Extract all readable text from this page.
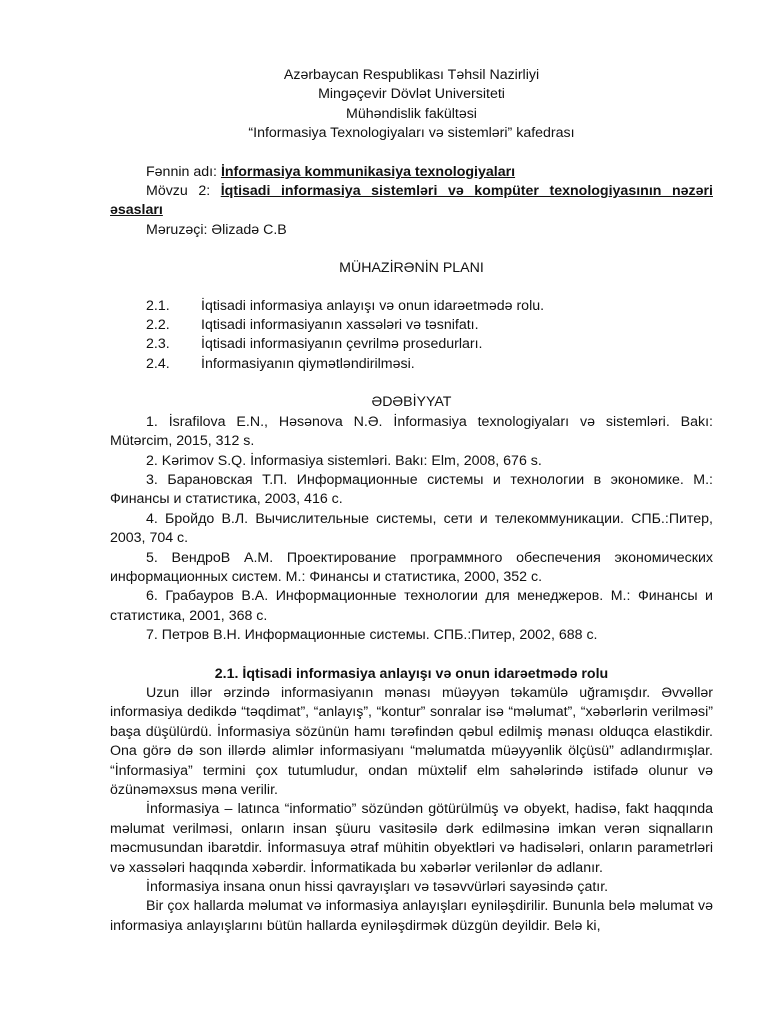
Azərbaycan Respublikası Təhsil Nazirliyi

Mingəçevir Dövlət Universiteti

Mühəndislik fakültəsi

“Informasiya Texnologiyaları və sistemləri” kafedrası

Fənnin adı: İnformasiya kommunikasiya texnologiyaları

Mövzu 2: İqtisadi informasiya sistemləri və kompüter texnologiyasının nəzəri əsasları

Məruzəçi: Əlizadə C.B

MÜHAZİRƏNİN PLANI

2.1.	İqtisadi informasiya anlayışı və onun idarəetmədə rolu.
2.2.	Iqtisadi informasiyanın xassələri və təsnifatı.
2.3.	İqtisadi informasiyanın çevrilmə prosedurları.
2.4.	İnformasiyanın qiymətləndirilməsi.

ƏDƏBİYYAT

1. İsrafilova E.N., Həsənova N.Ə. İnformasiya texnologiyaları və sistemləri. Bakı: Mütərcim, 2015, 312 s.

2. Kərimov S.Q. İnformasiya sistemləri. Bakı: Elm, 2008, 676 s.

3. Барановская Т.П. Информационные системы и технологии в экономике. М.: Финансы и статистика, 2003, 416 с.

4. Бройдо В.Л. Вычислительные системы, сети и телекоммуникации. СПБ.:Питер, 2003, 704 с.

5. ВендроВ А.М. Проектирование программного обеспечения экономических информационных систем. М.: Финансы и статистика, 2000, 352 с.

6. Грабауров В.А. Информационные технологии для менеджеров. М.: Финансы и статистика, 2001, 368 с.

7. Петров В.Н. Информационные системы. СПБ.:Питер, 2002, 688 с.

2.1. İqtisadi informasiya anlayışı və onun idarəetmədə rolu

Uzun illər ərzində informasiyanın mənası müəyyən təkamülə uğramışdır. Əvvəllər informasiya dedikdə “təqdimat”, “anlayış”, “kontur” sonralar isə “məlumat”, “xəbərlərin verilməsi” başa düşülürdü. İnformasiya sözünün hamı tərəfindən qəbul edilmiş mənası olduqca elastikdir. Ona görə də son illərdə alimlər informasiyanı “məlumatda müəyyənlik ölçüsü” adlandırmışlar. “İnformasiya” termini çox tutumludur, ondan müxtəlif elm sahələrində istifadə olunur və özünəməxsus məna verilir.

İnformasiya – latınca “informatio” sözündən götürülmüş və obyekt, hadisə, fakt haqqında məlumat verilməsi, onların insan şüuru vasitəsilə dərk edilməsinə imkan verən siqnalların məcmusundan ibarətdir. İnformasuya ətraf mühitin obyektləri və hadisələri, onların parametrləri və xassələri haqqında xəbərdir. İnformatikada bu xəbərlər verilənlər də adlanır.

İnformasiya insana onun hissi qavrayışları və təsəvvürləri sayəsində çatır.

Bir çox hallarda məlumat və informasiya anlayışları eyniləşdirilir. Bununla belə məlumat və informasiya anlayışlarını bütün hallarda eyniləşdirmək düzgün deyildir. Belə ki,
